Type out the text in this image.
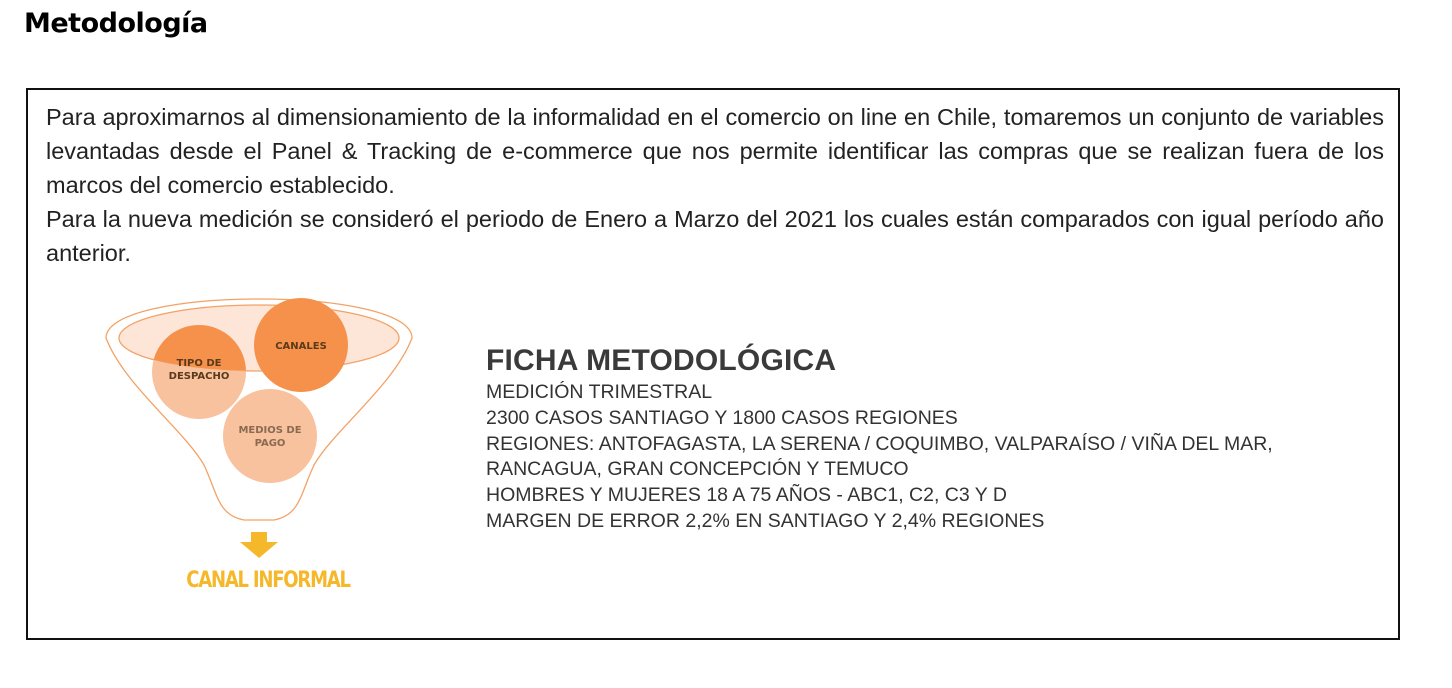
Metodología

Para aproximarnos al dimensionamiento de la informalidad en el comercio on line en Chile, tomaremos un conjunto de variables levantadas desde el Panel & Tracking de e-commerce que nos permite identificar las compras que se realizan fuera de los marcos del comercio establecido.

Para la nueva medición se consideró el periodo de Enero a Marzo del 2021 los cuales están comparados con igual período año anterior.

TIPO DE
DESPACHO
CANALES
MEDIOS DE
PAGO
CANAL INFORMAL
FICHA METODOLÓGICA
MEDICIÓN TRIMESTRAL
2300 CASOS SANTIAGO Y 1800 CASOS REGIONES
REGIONES: ANTOFAGASTA, LA SERENA / COQUIMBO, VALPARAÍSO / VIÑA DEL MAR,
RANCAGUA, GRAN CONCEPCIÓN Y TEMUCO
HOMBRES Y MUJERES 18 A 75 AÑOS - ABC1, C2, C3 Y D
MARGEN DE ERROR 2,2% EN SANTIAGO Y 2,4% REGIONES
